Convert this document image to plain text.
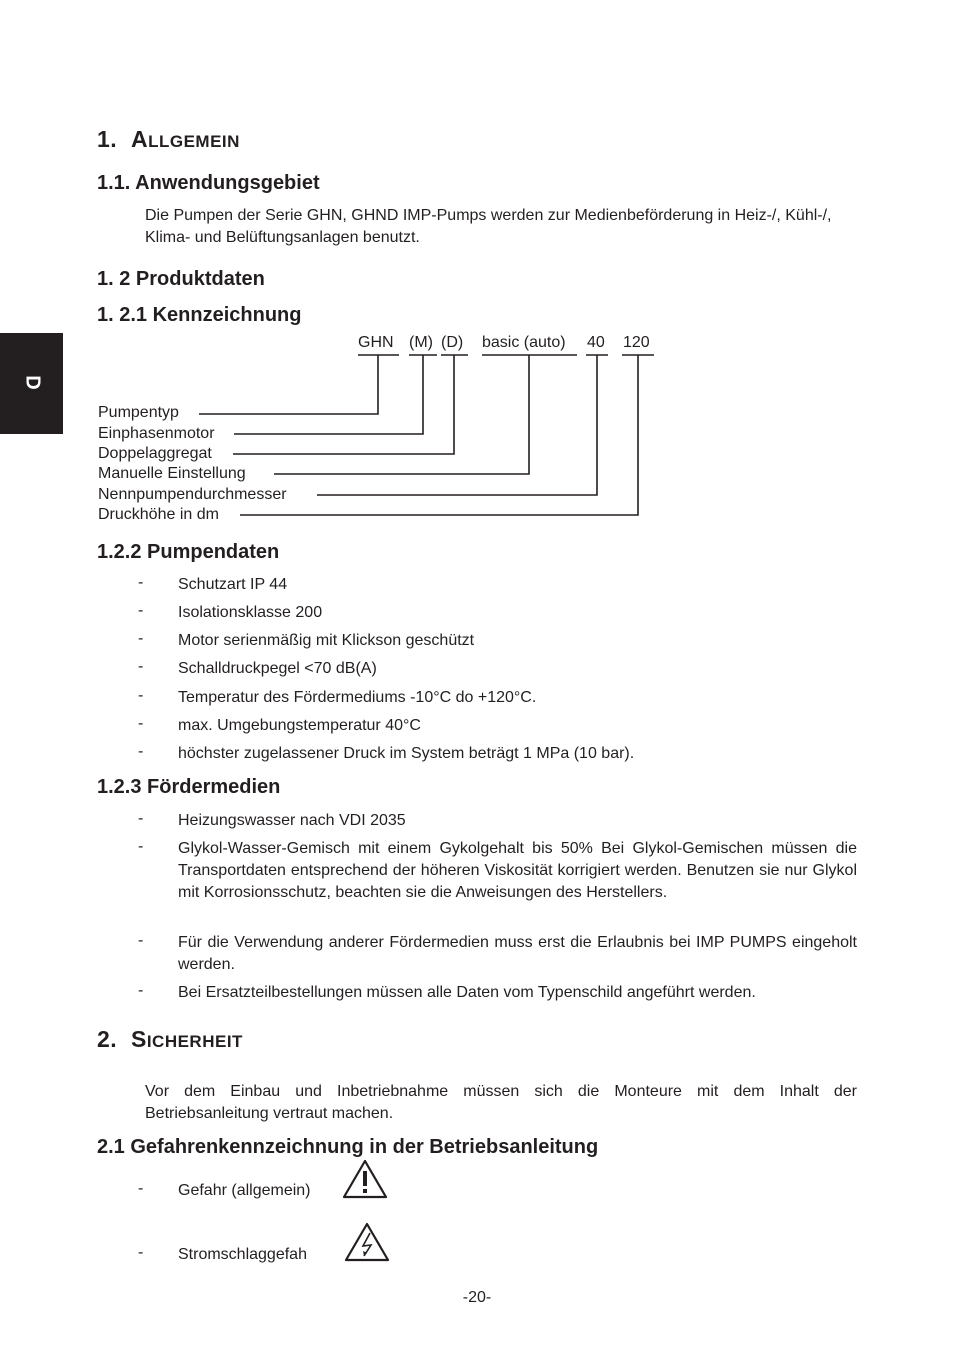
D
1. ALLGEMEIN
1.1. Anwendungsgebiet
Die Pumpen der Serie GHN, GHND IMP-Pumps werden zur Medienbeförderung in Heiz-/, Kühl-/, Klima- und Belüftungsanlagen benutzt.
1. 2 Produktdaten
1. 2.1 Kennzeichnung
GHN (M) (D) basic (auto) 40 120
Pumpentyp
Einphasenmotor
Doppelaggregat
Manuelle Einstellung
Nennpumpendurchmesser
Druckhöhe in dm
1.2.2 Pumpendaten
- Schutzart IP 44
- Isolationsklasse 200
- Motor serienmäßig mit Klickson geschützt
- Schalldruckpegel <70 dB(A)
- Temperatur des Fördermediums -10°C do +120°C.
- max. Umgebungstemperatur 40°C
- höchster zugelassener Druck im System beträgt 1 MPa (10 bar).
1.2.3 Fördermedien
- Heizungswasser nach VDI 2035
- Glykol-Wasser-Gemisch mit einem Gykolgehalt bis 50% Bei Glykol-Gemischen müssen die Transportdaten entsprechend der höheren Viskosität korrigiert werden. Benutzen sie nur Glykol mit Korrosionsschutz, beachten sie die Anweisungen des Herstellers.
- Für die Verwendung anderer Fördermedien muss erst die Erlaubnis bei IMP PUMPS eingeholt werden.
- Bei Ersatzteilbestellungen müssen alle Daten vom Typenschild angeführt werden.
2. SICHERHEIT
Vor dem Einbau und Inbetriebnahme müssen sich die Monteure mit dem Inhalt der Betriebsanleitung vertraut machen.
2.1 Gefahrenkennzeichnung in der Betriebsanleitung
- Gefahr (allgemein)
- Stromschlaggefah
-20-
